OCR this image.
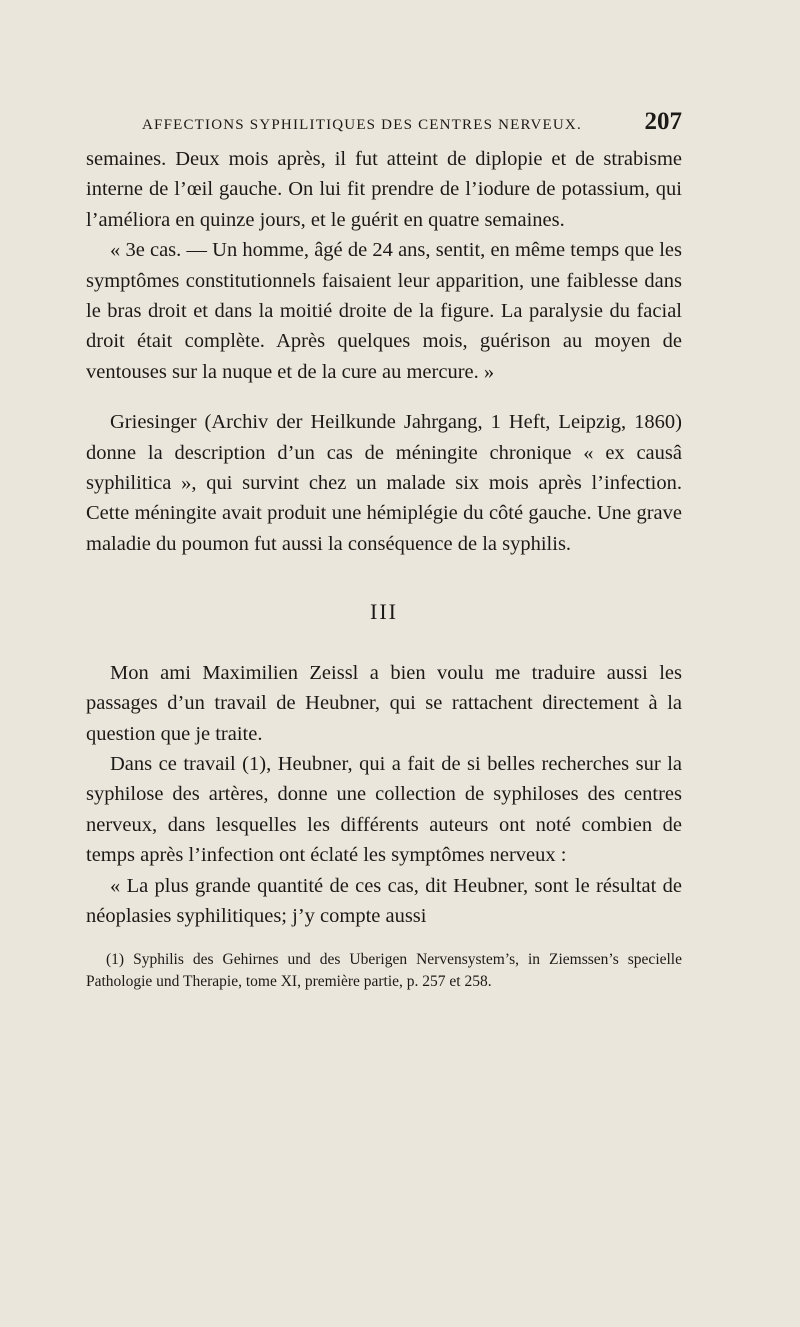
AFFECTIONS SYPHILITIQUES DES CENTRES NERVEUX.	207

semaines. Deux mois après, il fut atteint de diplopie et de strabisme interne de l’œil gauche. On lui fit prendre de l’iodure de potassium, qui l’améliora en quinze jours, et le guérit en quatre semaines.

« 3e cas. — Un homme, âgé de 24 ans, sentit, en même temps que les symptômes constitutionnels faisaient leur apparition, une faiblesse dans le bras droit et dans la moitié droite de la figure. La paralysie du facial droit était complète. Après quelques mois, guérison au moyen de ventouses sur la nuque et de la cure au mercure. »

Griesinger (Archiv der Heilkunde Jahrgang, 1 Heft, Leipzig, 1860) donne la description d’un cas de méningite chronique « ex causâ syphilitica », qui survint chez un malade six mois après l’infection. Cette méningite avait produit une hémiplégie du côté gauche. Une grave maladie du poumon fut aussi la conséquence de la syphilis.

III

Mon ami Maximilien Zeissl a bien voulu me traduire aussi les passages d’un travail de Heubner, qui se rattachent directement à la question que je traite.

Dans ce travail (1), Heubner, qui a fait de si belles recherches sur la syphilose des artères, donne une collection de syphiloses des centres nerveux, dans lesquelles les différents auteurs ont noté combien de temps après l’infection ont éclaté les symptômes nerveux :

« La plus grande quantité de ces cas, dit Heubner, sont le résultat de néoplasies syphilitiques; j’y compte aussi

(1) Syphilis des Gehirnes und des Uberigen Nervensystem’s, in Ziemssen’s specielle Pathologie und Therapie, tome XI, première partie, p. 257 et 258.
